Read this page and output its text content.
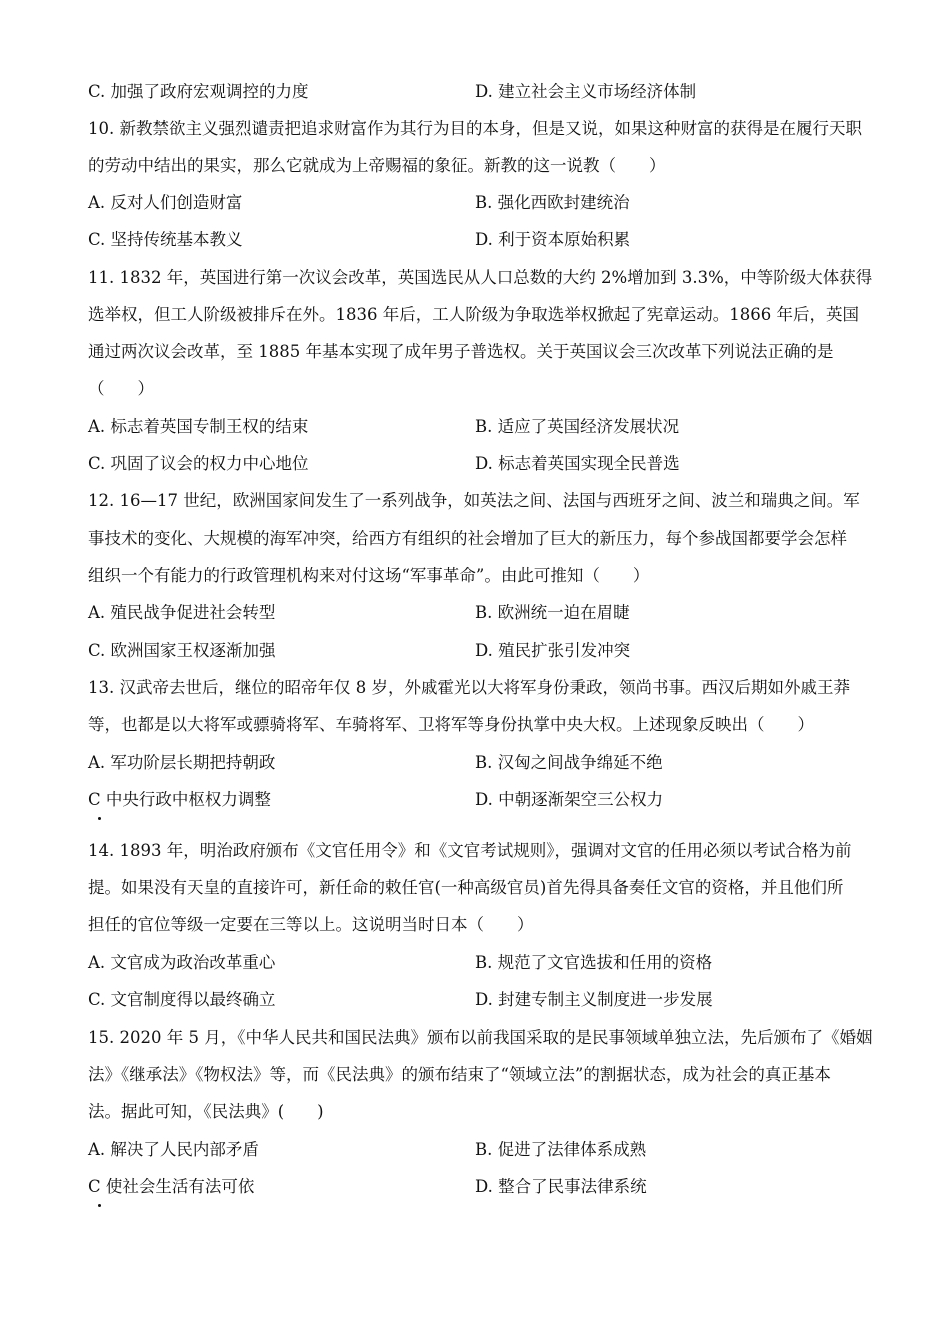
C. 加强了政府宏观调控的力度	D. 建立社会主义市场经济体制
10. 新教禁欲主义强烈谴责把追求财富作为其行为目的本身，但是又说，如果这种财富的获得是在履行天职
的劳动中结出的果实，那么它就成为上帝赐福的象征。新教的这一说教（　　）
A. 反对人们创造财富	B. 强化西欧封建统治
C. 坚持传统基本教义	D. 利于资本原始积累
11. 1832 年，英国进行第一次议会改革，英国选民从人口总数的大约 2%增加到 3.3%，中等阶级大体获得
选举权，但工人阶级被排斥在外。1836 年后，工人阶级为争取选举权掀起了宪章运动。1866 年后，英国
通过两次议会改革，至 1885 年基本实现了成年男子普选权。关于英国议会三次改革下列说法正确的是
（　　）
A. 标志着英国专制王权的结束	B. 适应了英国经济发展状况
C. 巩固了议会的权力中心地位	D. 标志着英国实现全民普选
12. 16—17 世纪，欧洲国家间发生了一系列战争，如英法之间、法国与西班牙之间、波兰和瑞典之间。军
事技术的变化、大规模的海军冲突，给西方有组织的社会增加了巨大的新压力，每个参战国都要学会怎样
组织一个有能力的行政管理机构来对付这场“军事革命”。由此可推知（　　）
A. 殖民战争促进社会转型	B. 欧洲统一迫在眉睫
C. 欧洲国家王权逐渐加强	D. 殖民扩张引发冲突
13. 汉武帝去世后，继位的昭帝年仅 8 岁，外戚霍光以大将军身份秉政，领尚书事。西汉后期如外戚王莽
等，也都是以大将军或骠骑将军、车骑将军、卫将军等身份执掌中央大权。上述现象反映出（　　）
A. 军功阶层长期把持朝政	B. 汉匈之间战争绵延不绝
C 中央行政中枢权力调整	D. 中朝逐渐架空三公权力
14. 1893 年，明治政府颁布《文官任用令》和《文官考试规则》，强调对文官的任用必须以考试合格为前
提。如果没有天皇的直接许可，新任命的敕任官(一种高级官员)首先得具备奏任文官的资格，并且他们所
担任的官位等级一定要在三等以上。这说明当时日本（　　）
A. 文官成为政治改革重心	B. 规范了文官选拔和任用的资格
C. 文官制度得以最终确立	D. 封建专制主义制度进一步发展
15. 2020 年 5 月，《中华人民共和国民法典》颁布以前我国采取的是民事领域单独立法，先后颁布了《婚姻
法》《继承法》《物权法》等，而《民法典》的颁布结束了“领域立法”的割据状态，成为社会的真正基本
法。据此可知，《民法典》(　　)
A. 解决了人民内部矛盾	B. 促进了法律体系成熟
C 使社会生活有法可依	D. 整合了民事法律系统
